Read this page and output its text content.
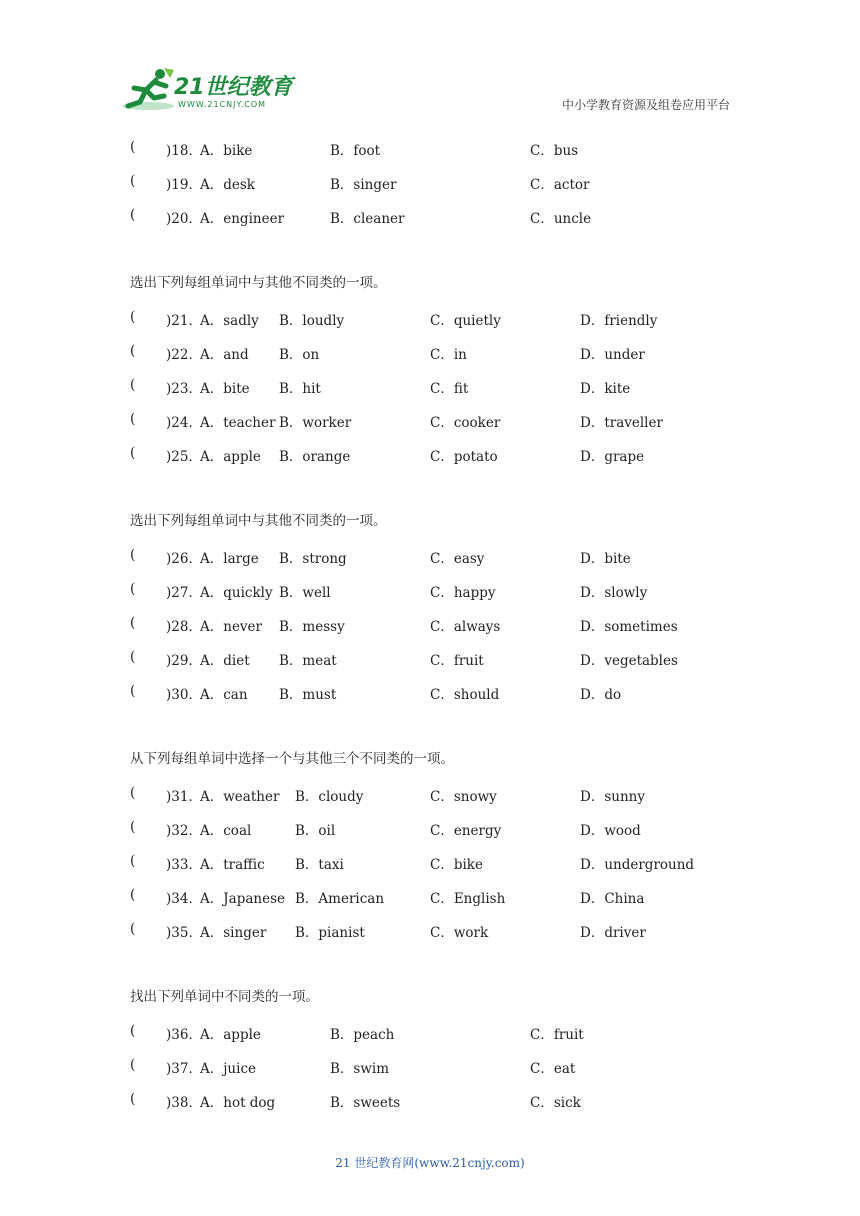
21世纪教育
WWW.21CNJY.COM	中小学教育资源及组卷应用平台
( )18．
A．bike	B．foot	C．bus
( )19．
A．desk	B．singer	C．actor
( )20．
A．engineer	B．cleaner	C．uncle
选出下列每组单词中与其他不同类的一项。
( )21．
A．sadly B．loudly	C．quietly	D．friendly
( )22．
A．and B．on	C．in	D．under
( )23．
A．bite B．hit	C．fit	D．kite
( )24．
A．teacher B．worker	C．cooker	D．traveller
( )25．
A．apple B．orange	C．potato	D．grape
选出下列每组单词中与其他不同类的一项。
( )26．
A．large B．strong	C．easy	D．bite
( )27．
A．quickly B．well	C．happy	D．slowly
( )28．
A．never B．messy	C．always	D．sometimes
( )29．
A．diet B．meat	C．fruit	D．vegetables
( )30．
A．can B．must	C．should	D．do
从下列每组单词中选择一个与其他三个不同类的一项。
( )31．
A．weather B．cloudy	C．snowy	D．sunny
( )32．
A．coal	B．oil	C．energy	D．wood
( )33．
A．traffic B．taxi	C．bike	D．underground
( )34．
A．Japanese B．American	C．English	D．China
( )35．
A．singer B．pianist	C．work	D．driver
找出下列单词中不同类的一项。
( )36．
A．apple	B．peach	C．fruit
( )37．
A．juice	B．swim	C．eat
( )38．
A．hot dog	B．sweets	C．sick
21 世纪教育网(www.21cnjy.com)
